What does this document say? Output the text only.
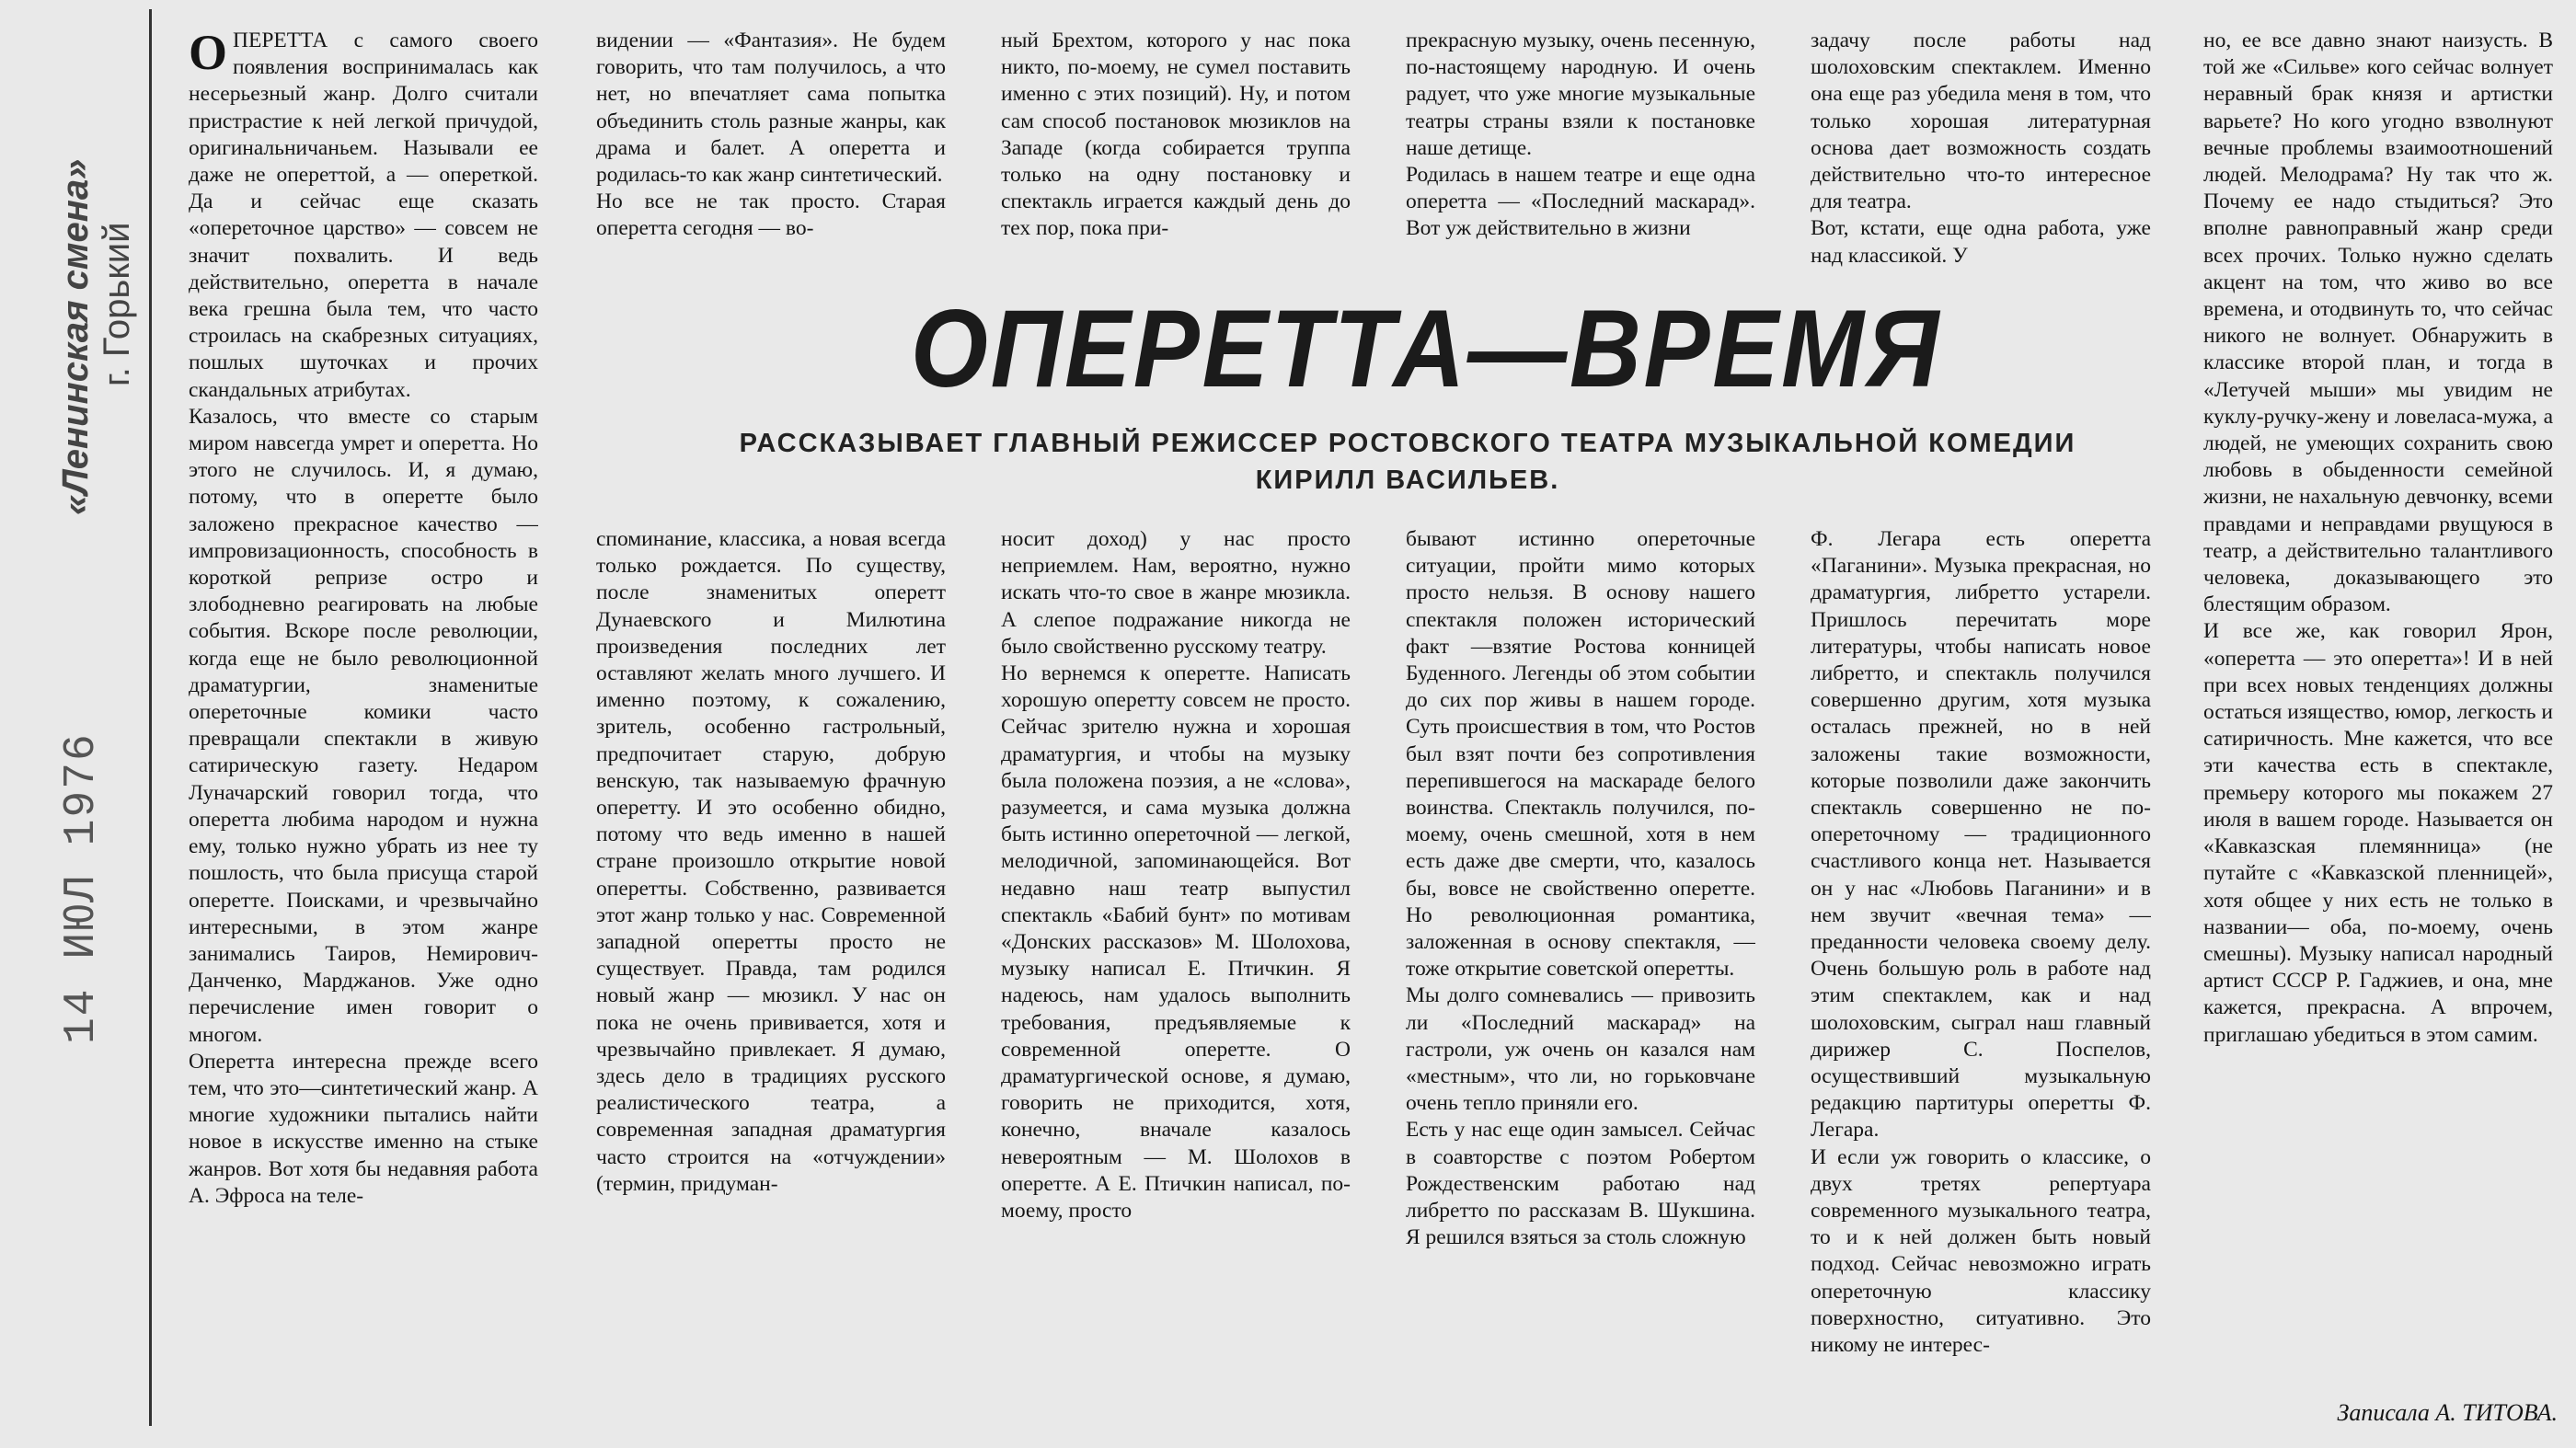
«Ленинская смена» г. Горький
14 ИЮЛ 1976
ОПЕРЕТТА с самого своего появления воспринималась как несерьезный жанр. Долго считали пристрастие к ней легкой причудой, оригинальничаньем. Называли ее даже не опереттой, а — опереткой. Да и сейчас еще сказать «опереточное царство» — совсем не значит похвалить. И ведь действительно, оперетта в начале века грешна была тем, что часто строилась на скабрезных ситуациях, пошлых шуточках и прочих скандальных атрибутах.
Казалось, что вместе со старым миром навсегда умрет и оперетта. Но этого не случилось. И, я думаю, потому, что в оперетте было заложено прекрасное качество — импровизационность, способность в короткой репризе остро и злободневно реагировать на любые события. Вскоре после революции, когда еще не было революционной драматургии, знаменитые опереточные комики часто превращали спектакли в живую сатирическую газету. Недаром Луначарский говорил тогда, что оперетта любима народом и нужна ему, только нужно убрать из нее ту пошлость, что была присуща старой оперетте. Поисками, и чрезвычайно интересными, в этом жанре занимались Таиров, Немирович-Данченко, Марджанов. Уже одно перечисление имен говорит о многом.
Оперетта интересна прежде всего тем, что это—синтетический жанр. А многие художники пытались найти новое в искусстве именно на стыке жанров. Вот хотя бы недавняя работа А. Эфроса на теле-
видении — «Фантазия». Не будем говорить, что там получилось, а что нет, но впечатляет сама попытка объединить столь разные жанры, как драма и балет. А оперетта и родилась-то как жанр синтетический.
Но все не так просто. Старая оперетта сегодня — во-
ный Брехтом, которого у нас пока никто, по-моему, не сумел поставить именно с этих позиций). Ну, и потом сам способ постановок мюзиклов на Западе (когда собирается труппа только на одну постановку и спектакль играется каждый день до тех пор, пока при-
прекрасную музыку, очень песенную, по-настоящему народную. И очень радует, что уже многие музыкальные театры страны взяли к постановке наше детище.
Родилась в нашем театре и еще одна оперетта — «Последний маскарад». Вот уж действительно в жизни
задачу после работы над шолоховским спектаклем. Именно она еще раз убедила меня в том, что только хорошая литературная основа дает возможность создать действительно что-то интересное для театра.
Вот, кстати, еще одна работа, уже над классикой. У
но, ее все давно знают наизусть. В той же «Сильве» кого сейчас волнует неравный брак князя и артистки варьете? Но кого угодно взволнуют вечные проблемы взаимоотношений людей. Мелодрама? Ну так что ж. Почему ее надо стыдиться? Это вполне равноправный жанр среди всех прочих. Только нужно сделать акцент на том, что живо во все времена, и отодвинуть то, что сейчас никого не волнует. Обнаружить в классике второй план, и тогда в «Летучей мыши» мы увидим не куклу-ручку-жену и ловеласа-мужа, а людей, не умеющих сохранить свою любовь в обыденности семейной жизни, не нахальную девчонку, всеми правдами и неправдами рвущуюся в театр, а действительно талантливого человека, доказывающего это блестящим образом.
И все же, как говорил Ярон, «оперетта — это оперетта»! И в ней при всех новых тенденциях должны остаться изящество, юмор, легкость и сатиричность. Мне кажется, что все эти качества есть в спектакле, премьеру которого мы покажем 27 июля в вашем городе. Называется он «Кавказская племянница» (не путайте с «Кавказской пленницей», хотя общее у них есть не только в названии— оба, по-моему, очень смешны). Музыку написал народный артист СССР Р. Гаджиев, и она, мне кажется, прекрасна. А впрочем, приглашаю убедиться в этом самим.
ОПЕРЕТТА—ВРЕМЯ
РАССКАЗЫВАЕТ ГЛАВНЫЙ РЕЖИССЕР РОСТОВСКОГО ТЕАТРА МУЗЫКАЛЬНОЙ КОМЕДИИ КИРИЛЛ ВАСИЛЬЕВ.
споминание, классика, а новая всегда только рождается. По существу, после знаменитых оперетт Дунаевского и Милютина произведения последних лет оставляют желать много лучшего. И именно поэтому, к сожалению, зритель, особенно гастрольный, предпочитает старую, добрую венскую, так называемую фрачную оперетту. И это особенно обидно, потому что ведь именно в нашей стране произошло открытие новой оперетты. Собственно, развивается этот жанр только у нас. Современной западной оперетты просто не существует. Правда, там родился новый жанр — мюзикл. У нас он пока не очень прививается, хотя и чрезвычайно привлекает. Я думаю, здесь дело в традициях русского реалистического театра, а современная западная драматургия часто строится на «отчуждении» (термин, придуман-
носит доход) у нас просто неприемлем. Нам, вероятно, нужно искать что-то свое в жанре мюзикла. А слепое подражание никогда не было свойственно русскому театру.
Но вернемся к оперетте. Написать хорошую оперетту совсем не просто. Сейчас зрителю нужна и хорошая драматургия, и чтобы на музыку была положена поэзия, а не «слова», разумеется, и сама музыка должна быть истинно опереточной — легкой, мелодичной, запоминающейся. Вот недавно наш театр выпустил спектакль «Бабий бунт» по мотивам «Донских рассказов» М. Шолохова, музыку написал Е. Птичкин. Я надеюсь, нам удалось выполнить требования, предъявляемые к современной оперетте. О драматургической основе, я думаю, говорить не приходится, хотя, конечно, вначале казалось невероятным — М. Шолохов в оперетте. А Е. Птичкин написал, по-моему, просто
бывают истинно опереточные ситуации, пройти мимо которых просто нельзя. В основу нашего спектакля положен исторический факт —взятие Ростова конницей Буденного. Легенды об этом событии до сих пор живы в нашем городе. Суть происшествия в том, что Ростов был взят почти без сопротивления перепившегося на маскараде белого воинства. Спектакль получился, по-моему, очень смешной, хотя в нем есть даже две смерти, что, казалось бы, вовсе не свойственно оперетте. Но революционная романтика, заложенная в основу спектакля, — тоже открытие советской оперетты.
Мы долго сомневались — привозить ли «Последний маскарад» на гастроли, уж очень он казался нам «местным», что ли, но горьковчане очень тепло приняли его.
Есть у нас еще один замысел. Сейчас в соавторстве с поэтом Робертом Рождественским работаю над либретто по рассказам В. Шукшина. Я решился взяться за столь сложную
Ф. Легара есть оперетта «Паганини». Музыка прекрасная, но драматургия, либретто устарели. Пришлось перечитать море литературы, чтобы написать новое либретто, и спектакль получился совершенно другим, хотя музыка осталась прежней, но в ней заложены такие возможности, которые позволили даже закончить спектакль совершенно не по-опереточному — традиционного счастливого конца нет. Называется он у нас «Любовь Паганини» и в нем звучит «вечная тема» — преданности человека своему делу. Очень большую роль в работе над этим спектаклем, как и над шолоховским, сыграл наш главный дирижер С. Поспелов, осуществивший музыкальную редакцию партитуры оперетты Ф. Легара.
И если уж говорить о классике, о двух третях репертуара современного музыкального театра, то и к ней должен быть новый подход. Сейчас невозможно играть опереточную классику поверхностно, ситуативно. Это никому не интерес-
Записала А. ТИТОВА.
